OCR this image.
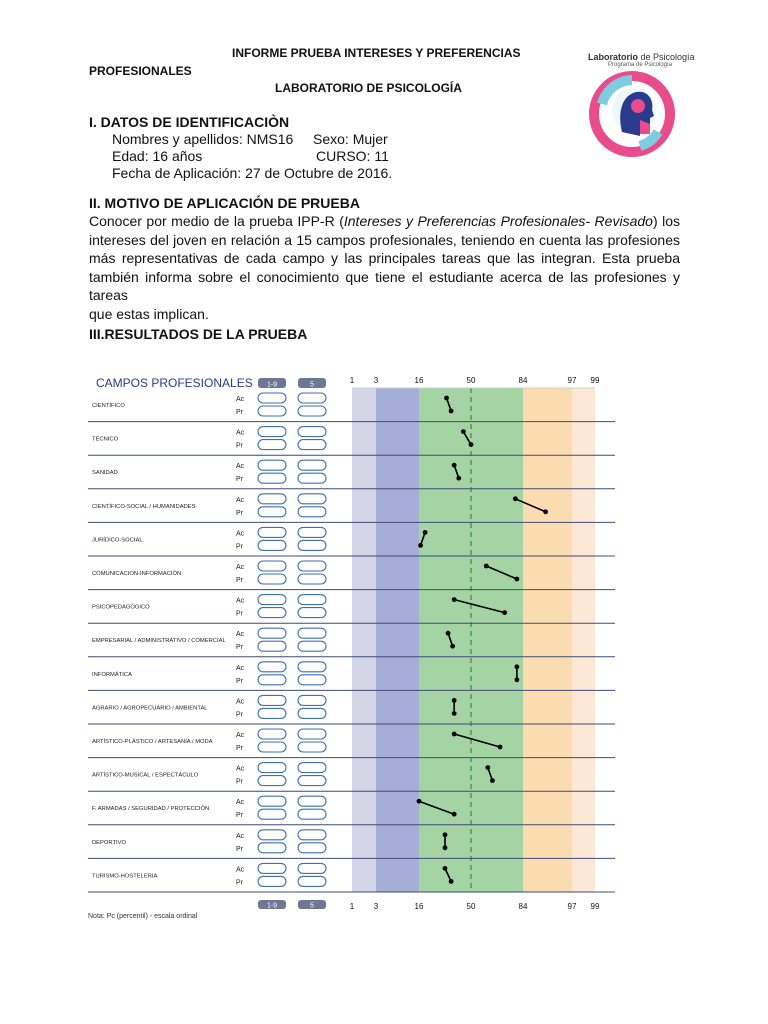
INFORME PRUEBA INTERESES Y PREFERENCIAS
PROFESIONALES
LABORATORIO DE PSICOLOGÍA
Laboratorio de Psicología
Programa de Psicología
I. DATOS DE IDENTIFICACIÒN
Nombres y apellidos: NMS16 Sexo: Mujer
Edad: 16 años	CURSO: 11
Fecha de Aplicación: 27 de Octubre de 2016.
II. MOTIVO DE APLICACIÓN DE PRUEBA
Conocer por medio de la prueba IPP-R (Intereses y Preferencias Profesionales- Revisado) los
intereses del joven en relación a 15 campos profesionales, teniendo en cuenta las profesiones
más representativas de cada campo y las principales tareas que las integran. Esta prueba
también informa sobre el conocimiento que tiene el estudiante acerca de las profesiones y tareas
que estas implican.
III.RESULTADOS DE LA PRUEBA
CAMPOS PROFESIONALES 1-9	5	1
1
3
3
16
16
50
50
84
84
97
97
99
99
1-9	5
Nota: Pc (percentil) - escala ordinal
CIENTÍFICO
Ac
Pr
TÉCNICO
Ac
Pr
SANIDAD
Ac
Pr
CIENTÍFICO-SOCIAL / HUMANIDADES
Ac
Pr
JURÍDICO-SOCIAL
Ac
Pr
COMUNICACION-INFORMACIÓN
Ac
Pr
PSICOPEDAGÓGICO
Ac
Pr
EMPRESARIAL / ADMINISTRATIVO / COMERCIAL
Ac
Pr
INFORMÁTICA
Ac
Pr
AGRARIO / AGROPECUARIO / AMBIENTAL
Ac
Pr
ARTÍSTICO-PLÁSTICO / ARTESANÍA / MODA
Ac
Pr
ARTÍSTICO-MUSICAL / ESPECTÁCULO
Ac
Pr
F. ARMADAS / SEGURIDAD / PROTECCIÓN
Ac
Pr
DEPORTIVO
Ac
Pr
TURISMO-HOSTELERIA
Ac
Pr
